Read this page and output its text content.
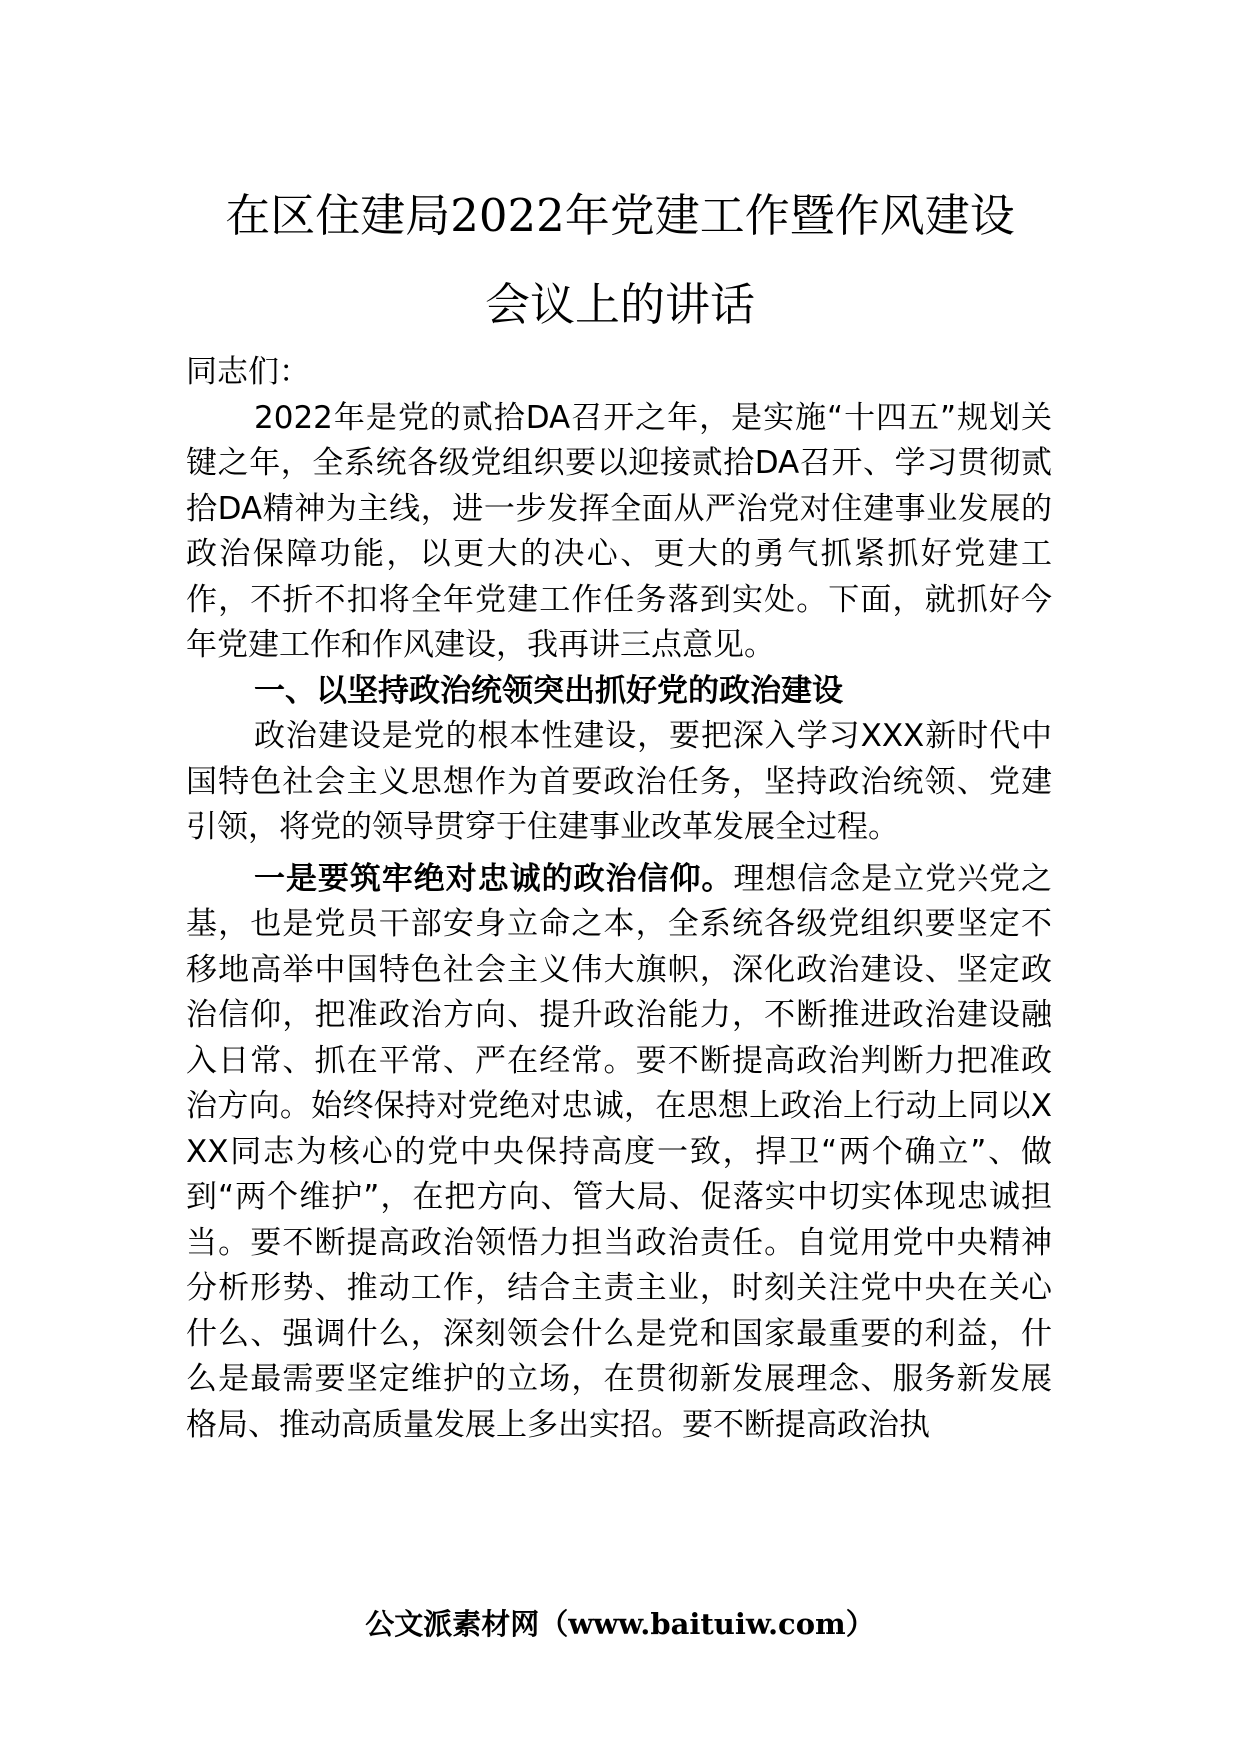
在区住建局2022年党建工作暨作风建设
会议上的讲话

同志们：

2022年是党的贰拾DA召开之年，是实施“十四五”规划关键之年，全系统各级党组织要以迎接贰拾DA召开、学习贯彻贰拾DA精神为主线，进一步发挥全面从严治党对住建事业发展的政治保障功能，以更大的决心、更大的勇气抓紧抓好党建工作，不折不扣将全年党建工作任务落到实处。下面，就抓好今年党建工作和作风建设，我再讲三点意见。

一、以坚持政治统领突出抓好党的政治建设

政治建设是党的根本性建设，要把深入学习XXX新时代中国特色社会主义思想作为首要政治任务，坚持政治统领、党建引领，将党的领导贯穿于住建事业改革发展全过程。

一是要筑牢绝对忠诚的政治信仰。理想信念是立党兴党之基，也是党员干部安身立命之本，全系统各级党组织要坚定不移地高举中国特色社会主义伟大旗帜，深化政治建设、坚定政治信仰，把准政治方向、提升政治能力，不断推进政治建设融入日常、抓在平常、严在经常。要不断提高政治判断力把准政治方向。始终保持对党绝对忠诚，在思想上政治上行动上同以XXX同志为核心的党中央保持高度一致，捍卫“两个确立”、做到“两个维护”，在把方向、管大局、促落实中切实体现忠诚担当。要不断提高政治领悟力担当政治责任。自觉用党中央精神分析形势、推动工作，结合主责主业，时刻关注党中央在关心什么、强调什么，深刻领会什么是党和国家最重要的利益，什么是最需要坚定维护的立场，在贯彻新发展理念、服务新发展格局、推动高质量发展上多出实招。要不断提高政治执

公文派素材网（www.baituiw.com）
